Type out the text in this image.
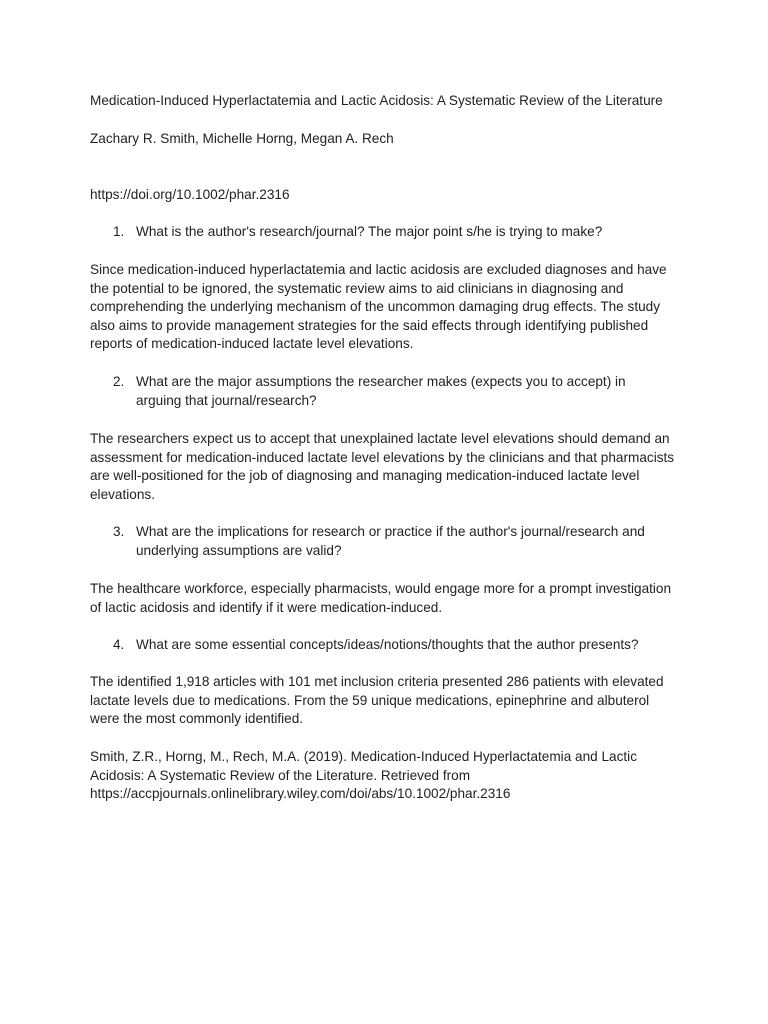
Medication-Induced Hyperlactatemia and Lactic Acidosis: A Systematic Review of the Literature

Zachary R. Smith, Michelle Horng, Megan A. Rech

https://doi.org/10.1002/phar.2316

1. What is the author's research/journal? The major point s/he is trying to make?

Since medication-induced hyperlactatemia and lactic acidosis are excluded diagnoses and have the potential to be ignored, the systematic review aims to aid clinicians in diagnosing and comprehending the underlying mechanism of the uncommon damaging drug effects. The study also aims to provide management strategies for the said effects through identifying published reports of medication-induced lactate level elevations.

2. What are the major assumptions the researcher makes (expects you to accept) in arguing that journal/research?

The researchers expect us to accept that unexplained lactate level elevations should demand an assessment for medication-induced lactate level elevations by the clinicians and that pharmacists are well-positioned for the job of diagnosing and managing medication-induced lactate level elevations.

3. What are the implications for research or practice if the author's journal/research and underlying assumptions are valid?

The healthcare workforce, especially pharmacists, would engage more for a prompt investigation of lactic acidosis and identify if it were medication-induced.

4. What are some essential concepts/ideas/notions/thoughts that the author presents?

The identified 1,918 articles with 101 met inclusion criteria presented 286 patients with elevated lactate levels due to medications. From the 59 unique medications, epinephrine and albuterol were the most commonly identified.

Smith, Z.R., Horng, M., Rech, M.A. (2019). Medication-Induced Hyperlactatemia and Lactic Acidosis: A Systematic Review of the Literature. Retrieved from https://accpjournals.onlinelibrary.wiley.com/doi/abs/10.1002/phar.2316
